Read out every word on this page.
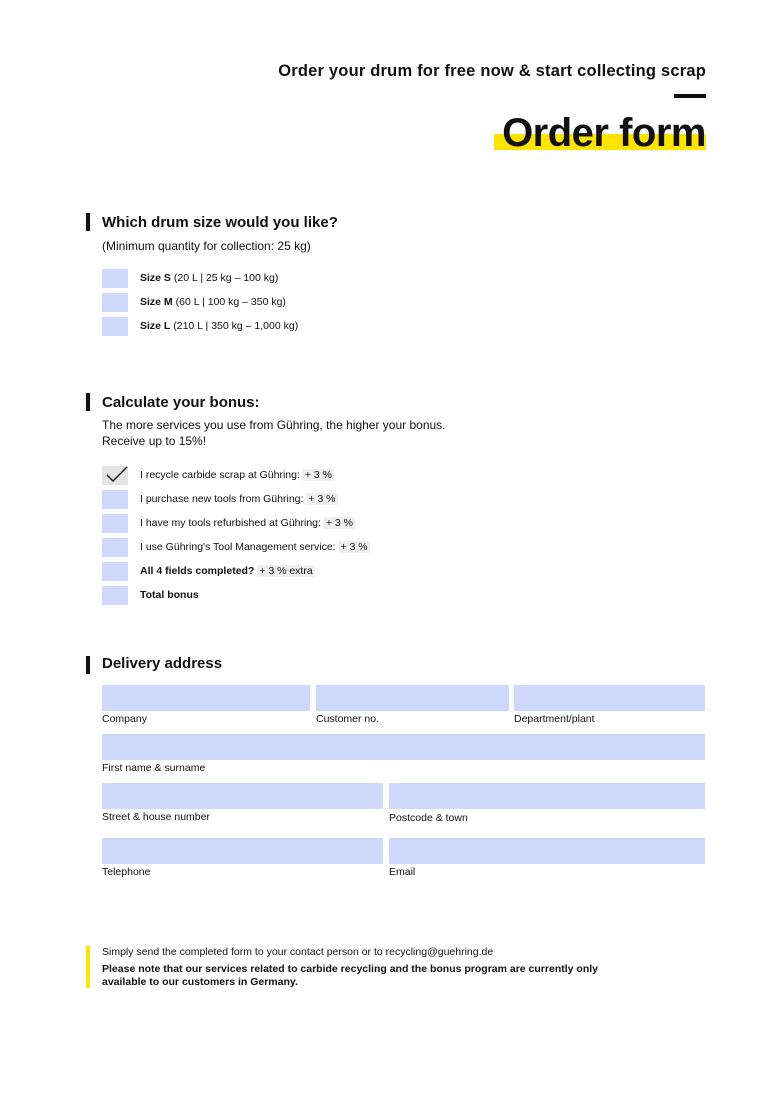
Order your drum for free now & start collecting scrap
Order form
Which drum size would you like?
(Minimum quantity for collection: 25 kg)
Size S (20 L | 25 kg – 100 kg)
Size M (60 L | 100 kg – 350 kg)
Size L (210 L | 350 kg – 1,000 kg)
Calculate your bonus:
The more services you use from Gühring, the higher your bonus.
Receive up to 15%!
I recycle carbide scrap at Gühring: + 3 %
I purchase new tools from Gühring: + 3 %
I have my tools refurbished at Gühring: + 3 %
I use Gühring's Tool Management service: + 3 %
All 4 fields completed? + 3 % extra
Total bonus
Delivery address
Company	Customer no.	Department/plant
First name & surname
Street & house number	Postcode & town
Telephone	Email
Simply send the completed form to your contact person or to recycling@guehring.de
Please note that our services related to carbide recycling and the bonus program are currently only available to our customers in Germany.
